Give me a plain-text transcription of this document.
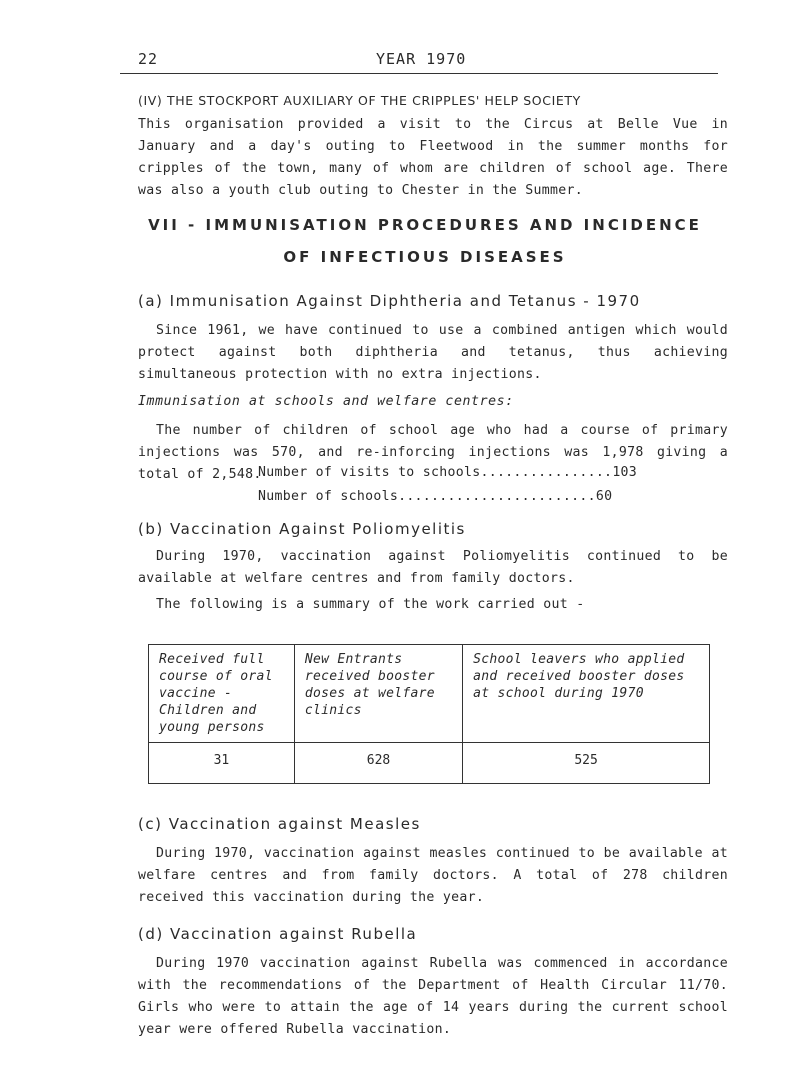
22	YEAR 1970
(IV) THE STOCKPORT AUXILIARY OF THE CRIPPLES' HELP SOCIETY

This organisation provided a visit to the Circus at Belle Vue in January and a day's outing to Fleetwood in the summer months for cripples of the town, many of whom are children of school age. There was also a youth club outing to Chester in the Summer.

VII - IMMUNISATION PROCEDURES AND INCIDENCE
OF INFECTIOUS DISEASES
(a) Immunisation Against Diphtheria and Tetanus - 1970

Since 1961, we have continued to use a combined antigen which would protect against both diphtheria and tetanus, thus achieving simultaneous protection with no extra injections.

Immunisation at schools and welfare centres:

The number of children of school age who had a course of primary injections was 570, and re-inforcing injections was 1,978 giving a total of 2,548.

Number of visits to schools................103
Number of schools........................60
(b) Vaccination Against Poliomyelitis

During 1970, vaccination against Poliomyelitis continued to be available at welfare centres and from family doctors.

The following is a summary of the work carried out -

Received full course of oral vaccine - Children and young persons	New Entrants received booster doses at welfare clinics	School leavers who applied and received booster doses at school during 1970
31	628	525
(c) Vaccination against Measles

During 1970, vaccination against measles continued to be available at welfare centres and from family doctors. A total of 278 children received this vaccination during the year.

(d) Vaccination against Rubella

During 1970 vaccination against Rubella was commenced in accordance with the recommendations of the Department of Health Circular 11/70. Girls who were to attain the age of 14 years during the current school year were offered Rubella vaccination.
